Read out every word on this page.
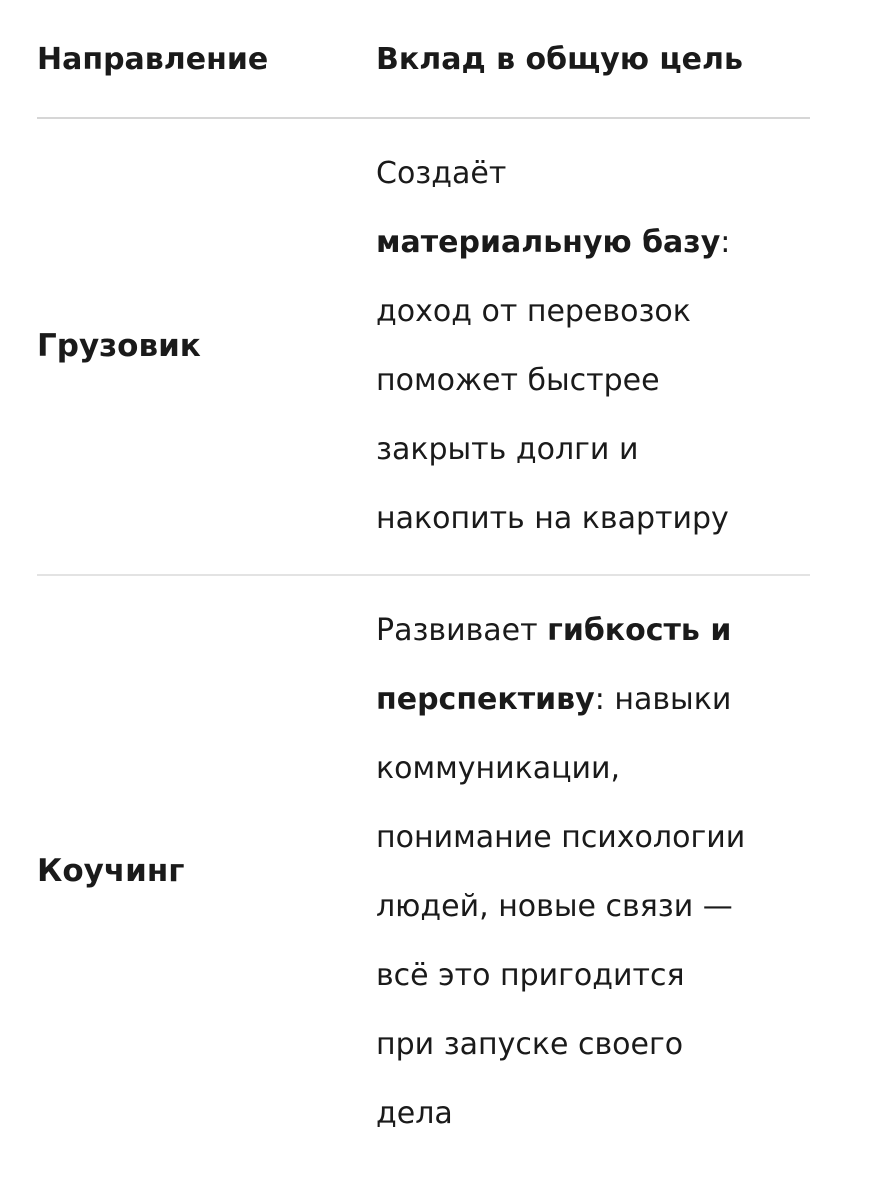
Направление	Вклад в общую цель
Грузовик
Создаёт
материальную базу:
доход от перевозок
поможет быстрее
закрыть долги и
накопить на квартиру
Коучинг
Развивает гибкость и
перспективу: навыки
коммуникации,
понимание психологии
людей, новые связи —
всё это пригодится
при запуске своего
дела
